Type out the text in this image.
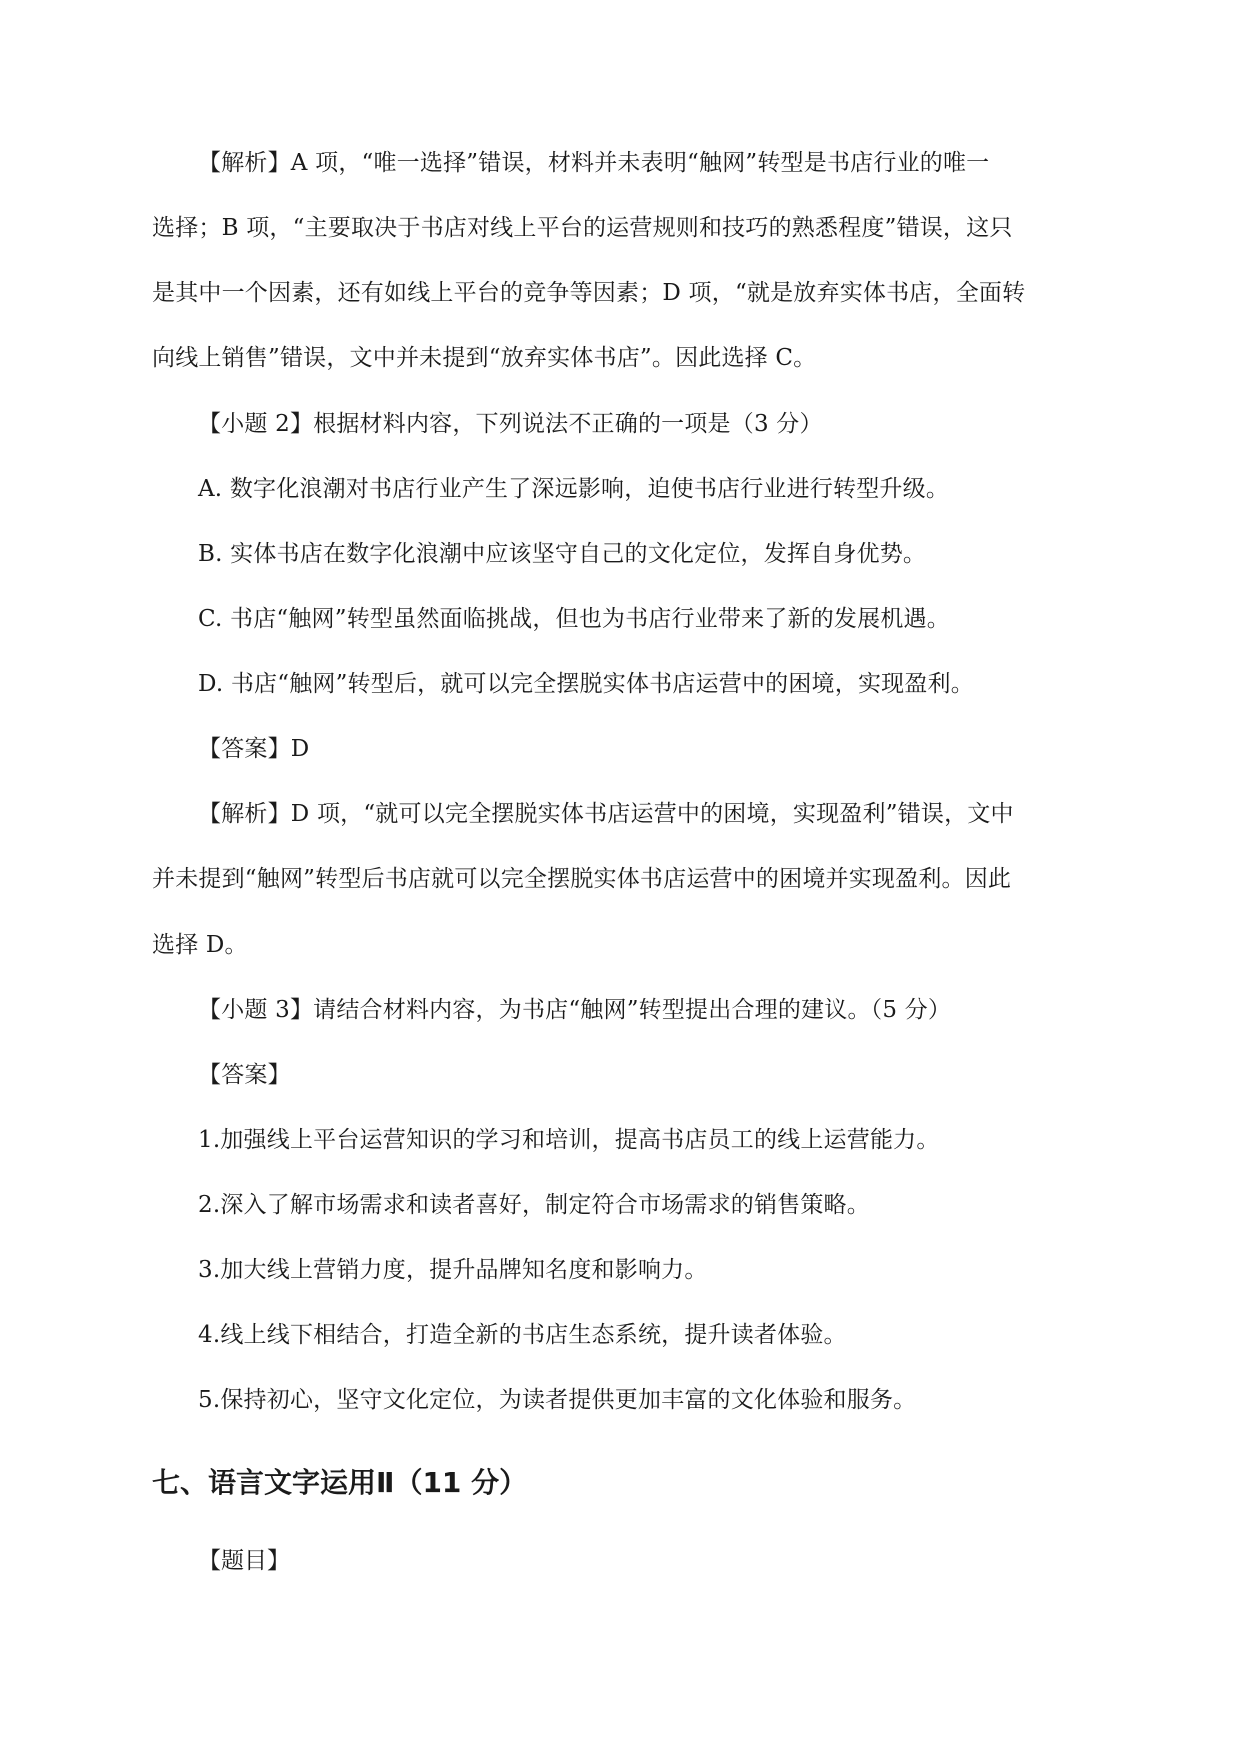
【解析】A 项，“唯一选择”错误，材料并未表明“触网”转型是书店行业的唯一

选择；B 项，“主要取决于书店对线上平台的运营规则和技巧的熟悉程度”错误，这只

是其中一个因素，还有如线上平台的竞争等因素；D 项，“就是放弃实体书店，全面转

向线上销售”错误，文中并未提到“放弃实体书店”。因此选择 C。

【小题 2】根据材料内容，下列说法不正确的一项是（3 分）

A. 数字化浪潮对书店行业产生了深远影响，迫使书店行业进行转型升级。

B. 实体书店在数字化浪潮中应该坚守自己的文化定位，发挥自身优势。

C. 书店“触网”转型虽然面临挑战，但也为书店行业带来了新的发展机遇。

D. 书店“触网”转型后，就可以完全摆脱实体书店运营中的困境，实现盈利。

【答案】D

【解析】D 项，“就可以完全摆脱实体书店运营中的困境，实现盈利”错误，文中

并未提到“触网”转型后书店就可以完全摆脱实体书店运营中的困境并实现盈利。因此

选择 D。

【小题 3】请结合材料内容，为书店“触网”转型提出合理的建议。（5 分）

【答案】

1.加强线上平台运营知识的学习和培训，提高书店员工的线上运营能力。

2.深入了解市场需求和读者喜好，制定符合市场需求的销售策略。

3.加大线上营销力度，提升品牌知名度和影响力。

4.线上线下相结合，打造全新的书店生态系统，提升读者体验。

5.保持初心，坚守文化定位，为读者提供更加丰富的文化体验和服务。

七、语言文字运用Ⅱ（11 分）
【题目】
